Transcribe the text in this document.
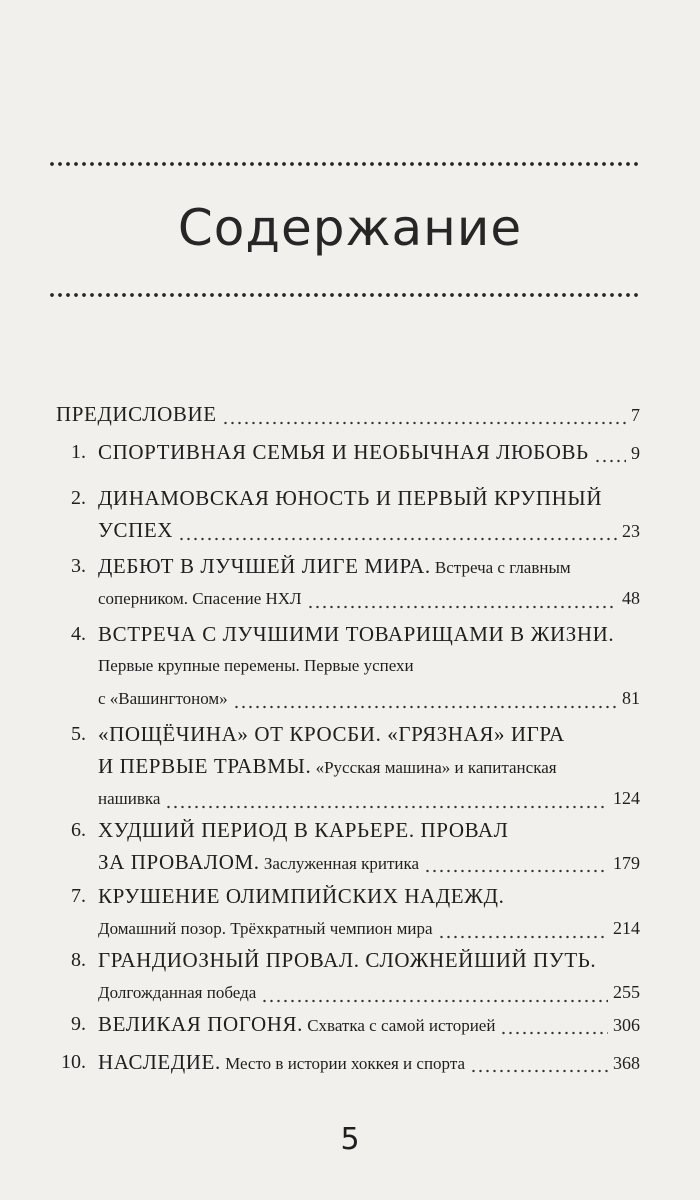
Содержание
ПРЕДИСЛОВИЕ	7
1. СПОРТИВНАЯ СЕМЬЯ И НЕОБЫЧНАЯ ЛЮБОВЬ 9
2. ДИНАМОВСКАЯ ЮНОСТЬ И ПЕРВЫЙ КРУПНЫЙ
УСПЕХ	23
3. ДЕБЮТ В ЛУЧШЕЙ ЛИГЕ МИРА. Встреча с главным
соперником. Спасение НХЛ	48
4. ВСТРЕЧА С ЛУЧШИМИ ТОВАРИЩАМИ В ЖИЗНИ.
Первые крупные перемены. Первые успехи
с «Вашингтоном»	81
5. «ПОЩЁЧИНА» ОТ КРОСБИ. «ГРЯЗНАЯ» ИГРА
И ПЕРВЫЕ ТРАВМЫ. «Русская машина» и капитанская
нашивка	124
6. ХУДШИЙ ПЕРИОД В КАРЬЕРЕ. ПРОВАЛ
ЗА ПРОВАЛОМ. Заслуженная критика	179
7. КРУШЕНИЕ ОЛИМПИЙСКИХ НАДЕЖД.
Домашний позор. Трёхкратный чемпион мира	214
8. ГРАНДИОЗНЫЙ ПРОВАЛ. СЛОЖНЕЙШИЙ ПУТЬ.
Долгожданная победа	255
9. ВЕЛИКАЯ ПОГОНЯ. Схватка с самой историей	306
10. НАСЛЕДИЕ. Место в истории хоккея и спорта	368
5
